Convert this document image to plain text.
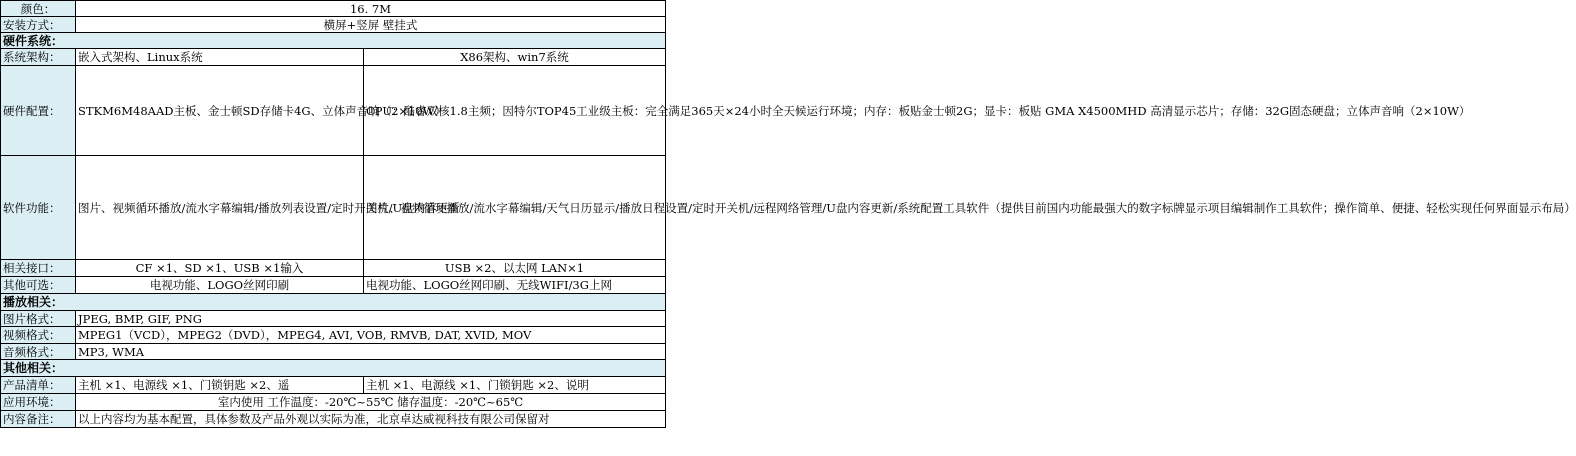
颜色：	16. 7M	
安装方式：	横屏+竖屏 壁挂式	
硬件系统：		
系统架构：	嵌入式架构、Linux系统	X86架构、win7系统
硬件配置：	STKM6M48AAD主板、金士顿SD存储卡4G、立体声音响（2×10W）	CPU：酷睿双核1.8主频；因特尔TOP45工业级主板：完全满足365天×24小时全天候运行环境；内存：板贴金士顿2G；显卡：板贴 GMA X4500MHD 高清显示芯片；存储：32G固态硬盘；立体声音响（2×10W）
软件功能：	图片、视频循环播放/流水字幕编辑/播放列表设置/定时开关机/U盘内容更新	图片、视频循环播放/流水字幕编辑/天气日历显示/播放日程设置/定时开关机/远程网络管理/U盘内容更新/系统配置工具软件（提供目前国内功能最强大的数字标牌显示项目编辑制作工具软件；操作简单、便捷、轻松实现任何界面显示布局）
相关接口：	CF ×1、SD ×1、USB ×1输入	USB ×2、以太网 LAN×1
其他可选：	电视功能、LOGO丝网印刷	电视功能、LOGO丝网印刷、无线WIFI/3G上网
播放相关：		
图片格式：	JPEG, BMP, GIF, PNG	
视频格式：	MPEG1（VCD），MPEG2（DVD），MPEG4, AVI, VOB, RMVB, DAT, XVID, MOV	
音频格式：	MP3, WMA	
其他相关：		
产品清单：	主机 ×1、电源线 ×1、门锁钥匙 ×2、遥	主机 ×1、电源线 ×1、门锁钥匙 ×2、说明
应用环境：	室内使用 工作温度：-20℃~55℃ 储存温度：-20℃~65℃	
内容备注：	以上内容均为基本配置，具体参数及产品外观以实际为准，北京卓达威视科技有限公司保留对	
